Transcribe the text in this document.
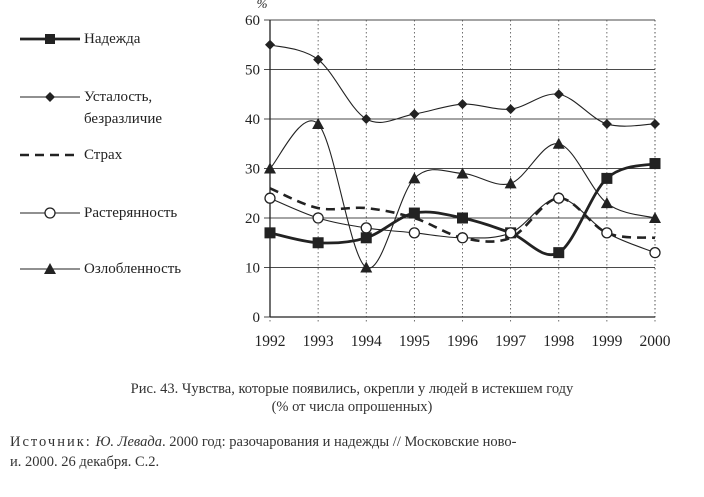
0
10
20
30
40
50
60
1992 1993 1994 1995 1996 1997 1998 1999 2000
%
Надежда
Усталость,
безразличие
Страх
Растерянность
Озлобленность
Рис. 43. Чувства, которые появились, окрепли у людей в истекшем году
(% от числа опрошенных)
Источник: Ю. Левада. 2000 год: разочарования и надежды // Московские ново-
и. 2000. 26 декабря. С.2.
